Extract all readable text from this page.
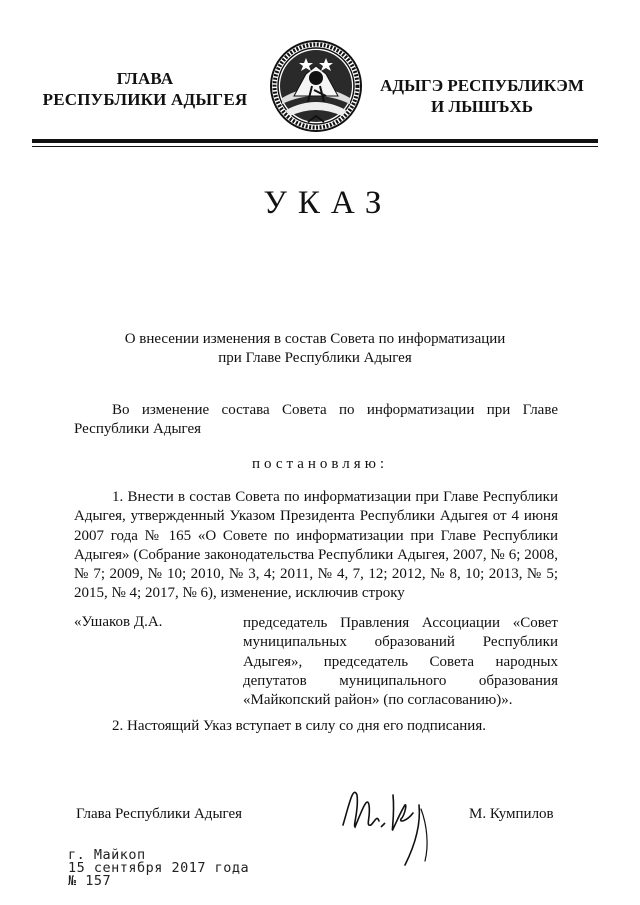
ГЛАВА
РЕСПУБЛИКИ АДЫГЕЯ
АДЫГЭ РЕСПУБЛИКЭМ
И ЛЫШЪХЬ
УКАЗ
О внесении изменения в состав Совета по информатизации
при Главе Республики Адыгея
Во изменение состава Совета по информатизации при Главе Республики Адыгея
постановляю:
1. Внести в состав Совета по информатизации при Главе Республики Адыгея, утвержденный Указом Президента Республики Адыгея от 4 июня 2007 года № 165 «О Совете по информатизации при Главе Республики Адыгея» (Собрание законодательства Республики Адыгея, 2007, № 6; 2008, № 7; 2009, № 10; 2010, № 3, 4; 2011, № 4, 7, 12; 2012, № 8, 10; 2013, № 5; 2015, № 4; 2017, № 6), изменение, исключив строку
«Ушаков Д.А.	председатель Правления Ассоциации «Совет муниципальных образований Республики Адыгея», председатель Совета народных депутатов муниципального образования «Майкопский район» (по согласованию)».
2. Настоящий Указ вступает в силу со дня его подписания.
Глава Республики Адыгея	М. Кумпилов
г. Майкоп
15 сентября 2017 года
№ 157
